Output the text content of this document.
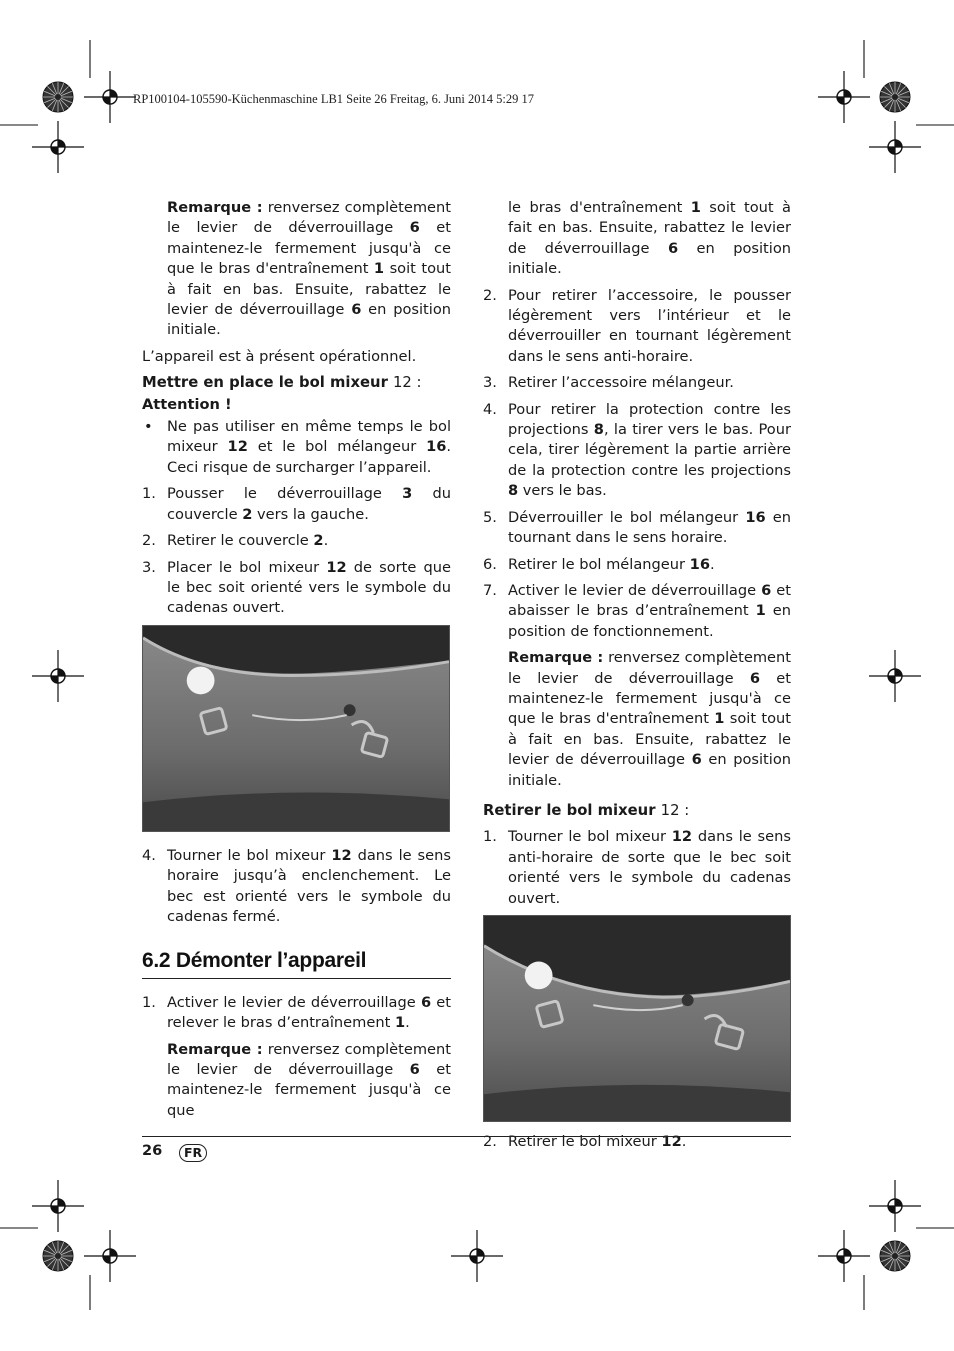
RP100104-105590-Küchenmaschine LB1 Seite 26 Freitag, 6. Juni 2014 5:29 17

Remarque : renversez complètement le levier de déverrouillage 6 et maintenez-le fermement jusqu'à ce que le bras d'entraînement 1 soit tout à fait en bas. Ensuite, rabattez le levier de déverrouillage 6 en position initiale.

L’appareil est à présent opérationnel.

Mettre en place le bol mixeur 12 :
Attention !
• Ne pas utiliser en même temps le bol mixeur 12 et le bol mélangeur 16. Ceci risque de surcharger l’appareil.
1. Pousser le déverrouillage 3 du couvercle 2 vers la gauche.
2. Retirer le couvercle 2.
3. Placer le bol mixeur 12 de sorte que le bec soit orienté vers le symbole du cadenas ouvert.
4. Tourner le bol mixeur 12 dans le sens horaire jusqu’à enclenchement. Le bec est orienté vers le symbole du cadenas fermé.
6.2 Démonter l’appareil
1. Activer le levier de déverrouillage 6 et relever le bras d’entraînement 1.

Remarque : renversez complètement le levier de déverrouillage 6 et maintenez-le fermement jusqu'à ce que

le bras d'entraînement 1 soit tout à fait en bas. Ensuite, rabattez le levier de déverrouillage 6 en position initiale.

2. Pour retirer l’accessoire, le pousser légèrement vers l’intérieur et le déverrouiller en tournant légèrement dans le sens anti-horaire.
3. Retirer l’accessoire mélangeur.
4. Pour retirer la protection contre les projections 8, la tirer vers le bas. Pour cela, tirer légèrement la partie arrière de la protection contre les projections 8 vers le bas.
5. Déverrouiller le bol mélangeur 16 en tournant dans le sens horaire.
6. Retirer le bol mélangeur 16.
7. Activer le levier de déverrouillage 6 et abaisser le bras d’entraînement 1 en position de fonctionnement.

Remarque : renversez complètement le levier de déverrouillage 6 et maintenez-le fermement jusqu'à ce que le bras d'entraînement 1 soit tout à fait en bas. Ensuite, rabattez le levier de déverrouillage 6 en position initiale.

Retirer le bol mixeur 12 :
1. Tourner le bol mixeur 12 dans le sens anti-horaire de sorte que le bec soit orienté vers le symbole du cadenas ouvert.
2. Retirer le bol mixeur 12.
26	FR
